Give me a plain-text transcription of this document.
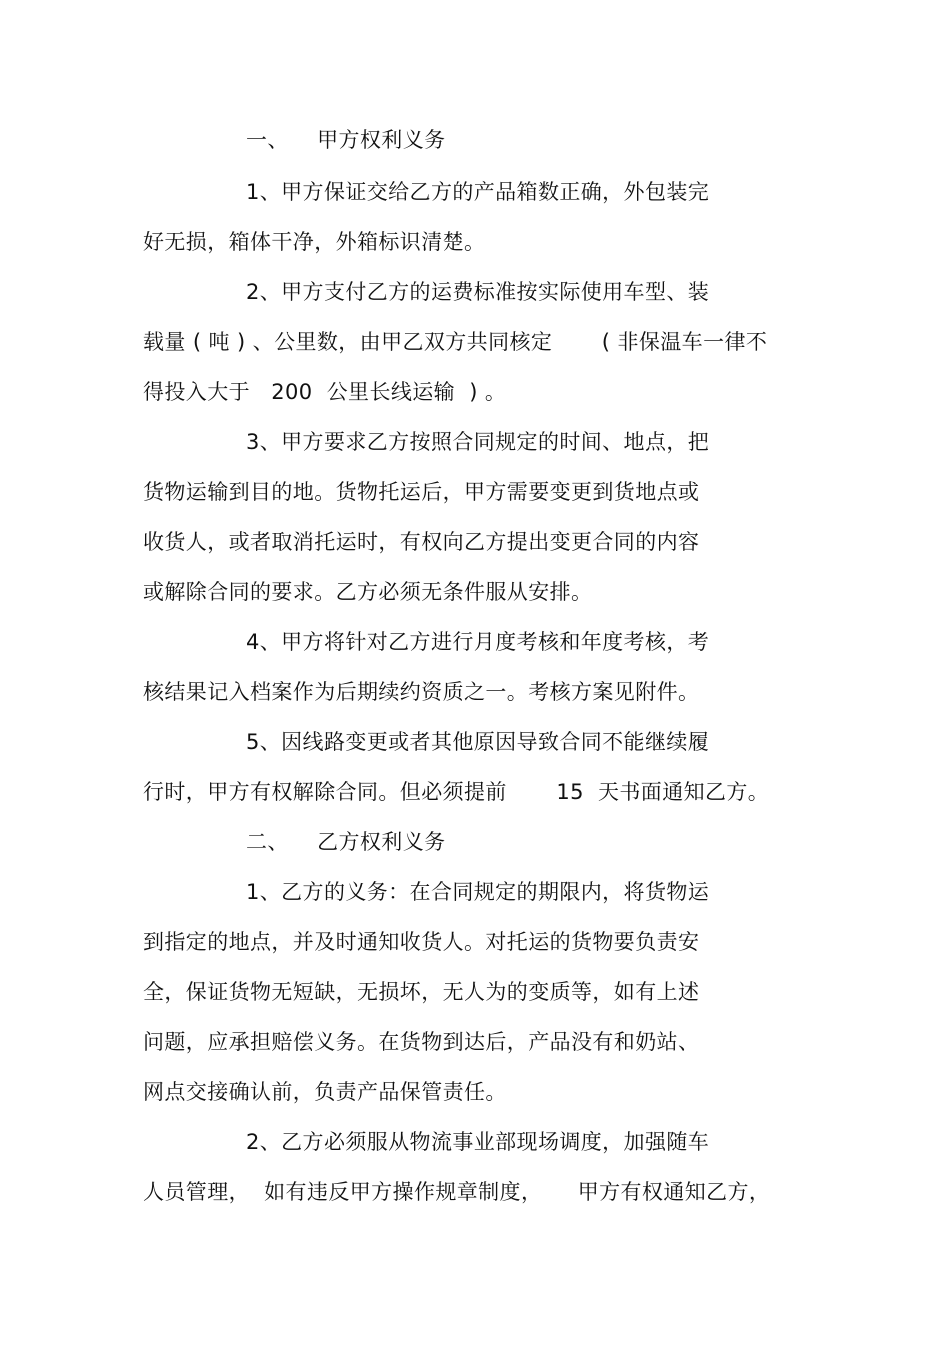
一、    甲方权利义务
1、甲方保证交给乙方的产品箱数正确，外包装完
好无损，箱体干净，外箱标识清楚。
2、甲方支付乙方的运费标准按实际使用车型、装
载量 ( 吨 ) 、公里数，由甲乙双方共同核定       ( 非保温车一律不
得投入大于   200  公里长线运输  ) 。
3、甲方要求乙方按照合同规定的时间、地点，把
货物运输到目的地。货物托运后，甲方需要变更到货地点或
收货人，或者取消托运时，有权向乙方提出变更合同的内容
或解除合同的要求。乙方必须无条件服从安排。
4、甲方将针对乙方进行月度考核和年度考核，考
核结果记入档案作为后期续约资质之一。考核方案见附件。
5、因线路变更或者其他原因导致合同不能继续履
行时，甲方有权解除合同。但必须提前       15  天书面通知乙方。
二、    乙方权利义务
1、乙方的义务：在合同规定的期限内，将货物运
到指定的地点，并及时通知收货人。对托运的货物要负责安
全，保证货物无短缺，无损坏，无人为的变质等，如有上述
问题，应承担赔偿义务。在货物到达后，产品没有和奶站、
网点交接确认前，负责产品保管责任。
2、乙方必须服从物流事业部现场调度，加强随车
人员管理，  如有违反甲方操作规章制度，     甲方有权通知乙方，
